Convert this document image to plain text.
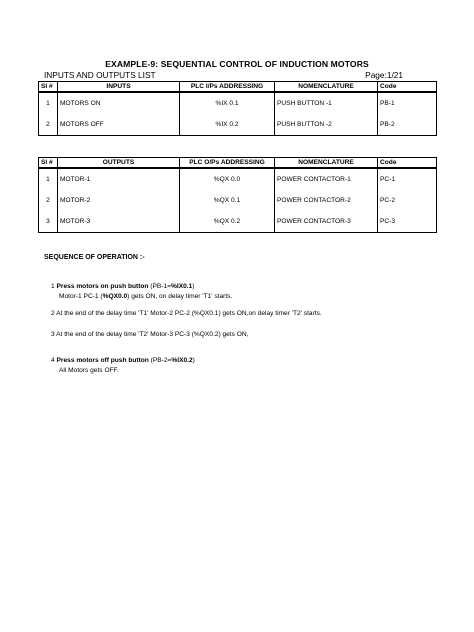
EXAMPLE-9: SEQUENTIAL CONTROL OF INDUCTION MOTORS
INPUTS AND OUTPUTS LIST	Page:1/21
Sl #	INPUTS	PLC I/Ps ADDRESSING	NOMENCLATURE	Code
1	MOTORS ON	%IX 0.1	PUSH BUTTON -1	PB-1
2	MOTORS OFF	%IX 0.2	PUSH BUTTON -2	PB-2
Sl #	OUTPUTS	PLC O/Ps ADDRESSING	NOMENCLATURE	Code
1	MOTOR-1	%QX 0.0	POWER CONTACTOR-1	PC-1
2	MOTOR-2	%QX 0.1	POWER CONTACTOR-2	PC-2
3	MOTOR-3	%QX 0.2	POWER CONTACTOR-3	PC-3
SEQUENCE OF OPERATION :-
1 Press motors on push button (PB-1=%IX0.1)
Motor-1 PC-1 (%QX0.0) gets ON, on delay timer 'T1' starts.
2 At the end of the delay time 'T1' Motor-2 PC-2 (%QX0.1) gets ON,on delay timer 'T2' starts.
3 At the end of the delay time 'T2' Motor-3 PC-3 (%QX0.2) gets ON,
4 Press motors off push button (PB-2=%IX0.2)
All Motors gets OFF.
